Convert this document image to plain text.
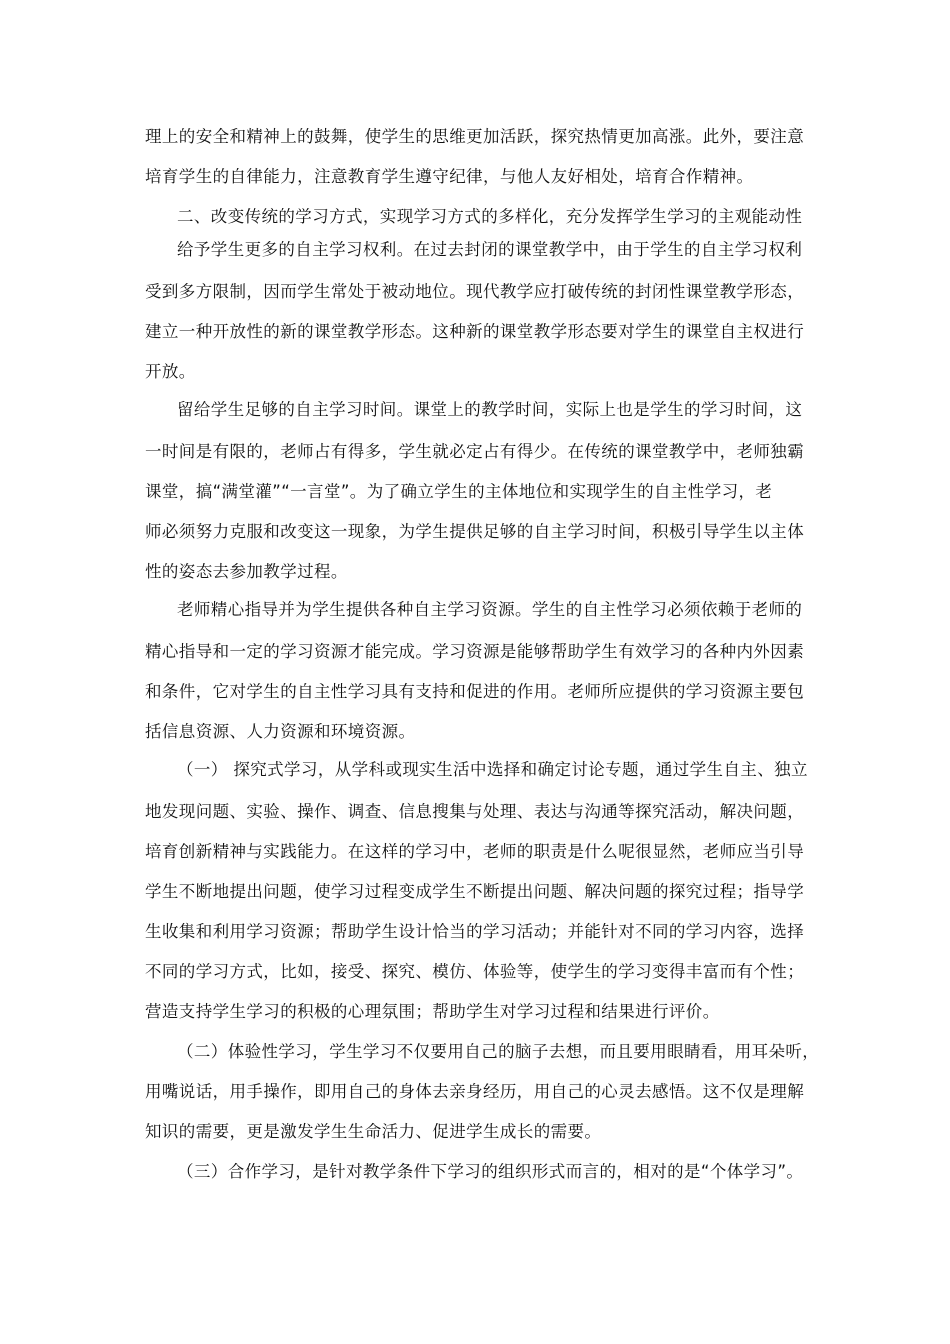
理上的安全和精神上的鼓舞，使学生的思维更加活跃，探究热情更加高涨。此外，要注意
培育学生的自律能力，注意教育学生遵守纪律，与他人友好相处，培育合作精神。
二、改变传统的学习方式，实现学习方式的多样化，充分发挥学生学习的主观能动性
给予学生更多的自主学习权利。在过去封闭的课堂教学中，由于学生的自主学习权利
受到多方限制，因而学生常处于被动地位。现代教学应打破传统的封闭性课堂教学形态，
建立一种开放性的新的课堂教学形态。这种新的课堂教学形态要对学生的课堂自主权进行
开放。
留给学生足够的自主学习时间。课堂上的教学时间，实际上也是学生的学习时间，这
一时间是有限的，老师占有得多，学生就必定占有得少。在传统的课堂教学中，老师独霸
课堂，搞“满堂灌”“一言堂”。为了确立学生的主体地位和实现学生的自主性学习，老
师必须努力克服和改变这一现象，为学生提供足够的自主学习时间，积极引导学生以主体
性的姿态去参加教学过程。
老师精心指导并为学生提供各种自主学习资源。学生的自主性学习必须依赖于老师的
精心指导和一定的学习资源才能完成。学习资源是能够帮助学生有效学习的各种内外因素
和条件，它对学生的自主性学习具有支持和促进的作用。老师所应提供的学习资源主要包
括信息资源、人力资源和环境资源。
（一） 探究式学习，从学科或现实生活中选择和确定讨论专题，通过学生自主、独立
地发现问题、实验、操作、调查、信息搜集与处理、表达与沟通等探究活动，解决问题，
培育创新精神与实践能力。在这样的学习中，老师的职责是什么呢很显然，老师应当引导
学生不断地提出问题，使学习过程变成学生不断提出问题、解决问题的探究过程；指导学
生收集和利用学习资源；帮助学生设计恰当的学习活动；并能针对不同的学习内容，选择
不同的学习方式，比如，接受、探究、模仿、体验等，使学生的学习变得丰富而有个性；
营造支持学生学习的积极的心理氛围；帮助学生对学习过程和结果进行评价。
（二）体验性学习，学生学习不仅要用自己的脑子去想，而且要用眼睛看，用耳朵听，
用嘴说话，用手操作，即用自己的身体去亲身经历，用自己的心灵去感悟。这不仅是理解
知识的需要，更是激发学生生命活力、促进学生成长的需要。
（三）合作学习，是针对教学条件下学习的组织形式而言的，相对的是“个体学习”。
